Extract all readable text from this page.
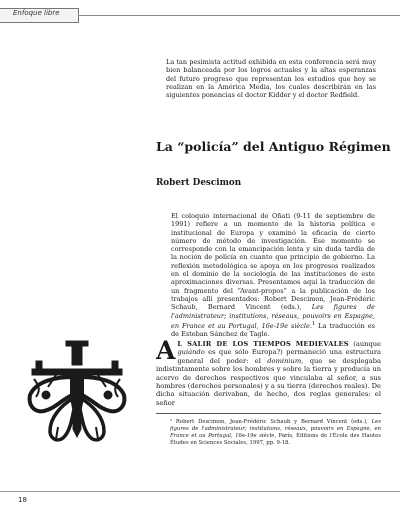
Enfoque libre

La tan pesimista actitud exhibida en esta conferencia será muy bien balanceada por los logros actuales y la altas esperanzas del futuro progreso que representan los estudios que hoy se realizan en la América Media, los cuales describirán en las siguientes ponencias el doctor Kidder y el doctor Redfield.

La “policía” del Antiguo Régimen
Robert Descimon

El coloquio internacional de Oñati (9-11 de septiembre de 1991) refiere a un momento de la historia política e institucional de Europa y examinó la eficacia de cierto número de método de investigación. Ese momento se corresponde con la emancipación lenta y sin duda tardía de la noción de policía en cuanto que principio de gobierno. La reflexión metodológica se apoya en los progresos realizados en el dominio de la sociología de las instituciones de este aproximaciones diversas. Presentamos aquí la traducción de un fragmento del “Avant-propos” a la publicación de los trabajos allí presentados: Robert Descimon, Jean-Frédéric Schaub, Bernard Vincent (eds.), Les figures de l'administrateur; institutions, réseaux, pouvoirs en Espagne, en France et au Portugal, 16e-19e siècle.$^1$ La traducción es de Esteban Sánchez de Tagle.

A L SALIR DE LOS TIEMPOS MEDIEVALES (aunque guiándo es que sólo Europa?) permaneció una estructura general del poder: el dominium, que se desplegaba indistintamente sobre los hombres y sobre la tierra y producía un acervo de derechos respectivos que vinculaba al señor, a sus hombres (derechos personales) y a su tierra (derechos reales). De dicha situación derivaban, de hecho, dos reglas generales: el señor

¹ Robert Descimon, Jean-Frédéric Schaub y Bernard Vincent (eds.), Les figures de l'administrateur; institutions, réseaux, pouvoirs en Espagne, en France et au Portugal, 16e-19e siècle, París, Éditions de l'École des Hautes Études en Sciences Sociales, 1997, pp. 9-18.

18
